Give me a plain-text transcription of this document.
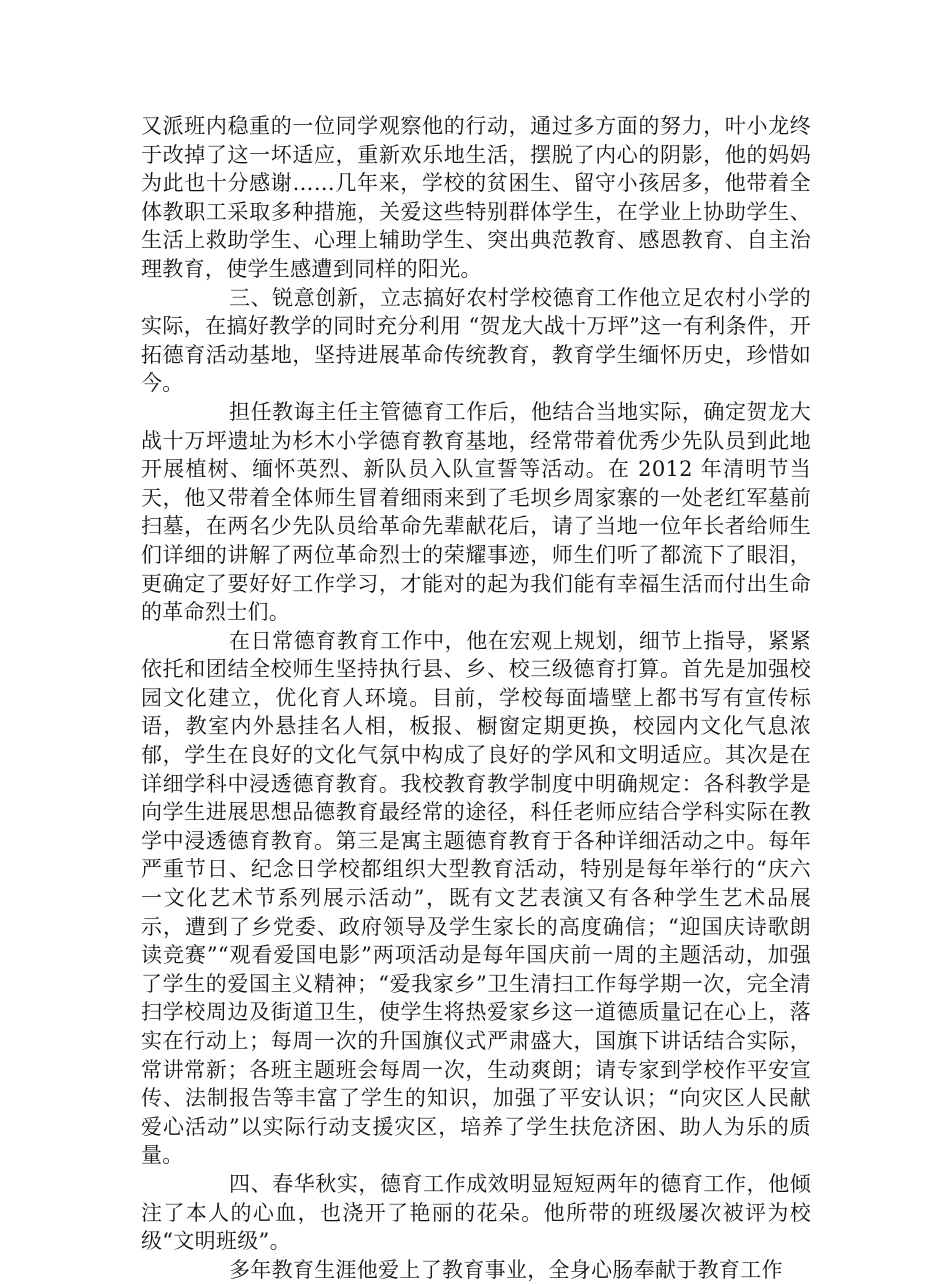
又派班内稳重的一位同学观察他的行动，通过多方面的努力，叶小龙终于改掉了这一坏适应，重新欢乐地生活，摆脱了内心的阴影，他的妈妈为此也十分感谢……几年来，学校的贫困生、留守小孩居多，他带着全体教职工采取多种措施，关爱这些特别群体学生，在学业上协助学生、生活上救助学生、心理上辅助学生、突出典范教育、感恩教育、自主治理教育，使学生感遭到同样的阳光。

三、锐意创新，立志搞好农村学校德育工作他立足农村小学的实际，在搞好教学的同时充分利用 “贺龙大战十万坪”这一有利条件，开拓德育活动基地，坚持进展革命传统教育，教育学生缅怀历史，珍惜如今。

担任教诲主任主管德育工作后，他结合当地实际，确定贺龙大战十万坪遗址为杉木小学德育教育基地，经常带着优秀少先队员到此地开展植树、缅怀英烈、新队员入队宣誓等活动。在 2012 年清明节当天，他又带着全体师生冒着细雨来到了毛坝乡周家寨的一处老红军墓前扫墓，在两名少先队员给革命先辈献花后，请了当地一位年长者给师生们详细的讲解了两位革命烈士的荣耀事迹，师生们听了都流下了眼泪，更确定了要好好工作学习，才能对的起为我们能有幸福生活而付出生命的革命烈士们。

在日常德育教育工作中，他在宏观上规划，细节上指导，紧紧依托和团结全校师生坚持执行县、乡、校三级德育打算。首先是加强校园文化建立，优化育人环境。目前，学校每面墙壁上都书写有宣传标语，教室内外悬挂名人相，板报、橱窗定期更换，校园内文化气息浓郁，学生在良好的文化气氛中构成了良好的学风和文明适应。其次是在详细学科中浸透德育教育。我校教育教学制度中明确规定：各科教学是向学生进展思想品德教育最经常的途径，科任老师应结合学科实际在教学中浸透德育教育。第三是寓主题德育教育于各种详细活动之中。每年严重节日、纪念日学校都组织大型教育活动，特别是每年举行的“庆六一文化艺术节系列展示活动”，既有文艺表演又有各种学生艺术品展示，遭到了乡党委、政府领导及学生家长的高度确信；“迎国庆诗歌朗读竞赛”“观看爱国电影”两项活动是每年国庆前一周的主题活动，加强了学生的爱国主义精神；“爱我家乡”卫生清扫工作每学期一次，完全清扫学校周边及街道卫生，使学生将热爱家乡这一道德质量记在心上，落实在行动上；每周一次的升国旗仪式严肃盛大，国旗下讲话结合实际，常讲常新；各班主题班会每周一次，生动爽朗；请专家到学校作平安宣传、法制报告等丰富了学生的知识，加强了平安认识；“向灾区人民献爱心活动”以实际行动支援灾区，培养了学生扶危济困、助人为乐的质量。

四、春华秋实，德育工作成效明显短短两年的德育工作，他倾注了本人的心血，也浇开了艳丽的花朵。他所带的班级屡次被评为校级“文明班级”。

多年教育生涯他爱上了教育事业，全身心肠奉献于教育工作
